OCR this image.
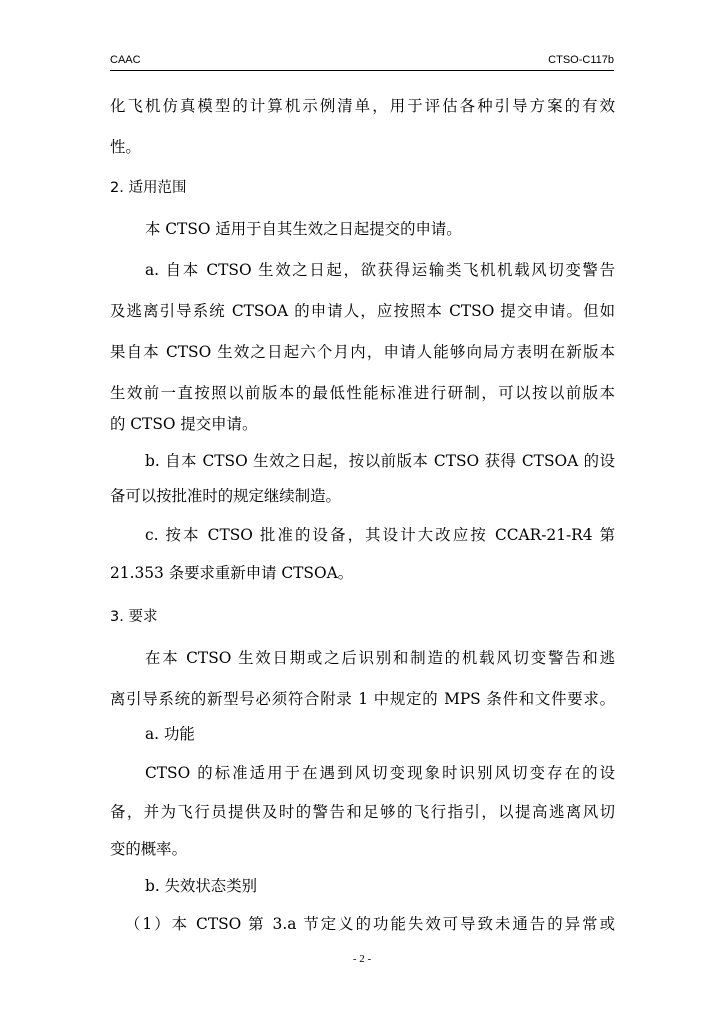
CAAC	CTSO-C117b
化飞机仿真模型的计算机示例清单，用于评估各种引导方案的有效
性。
2. 适用范围
本 CTSO 适用于自其生效之日起提交的申请。
a. 自本 CTSO 生效之日起，欲获得运输类飞机机载风切变警告
及逃离引导系统 CTSOA 的申请人，应按照本 CTSO 提交申请。但如
果自本 CTSO 生效之日起六个月内，申请人能够向局方表明在新版本
生效前一直按照以前版本的最低性能标准进行研制，可以按以前版本
的 CTSO 提交申请。
b. 自本 CTSO 生效之日起，按以前版本 CTSO 获得 CTSOA 的设
备可以按批准时的规定继续制造。
c. 按本 CTSO 批准的设备，其设计大改应按 CCAR-21-R4 第
21.353 条要求重新申请 CTSOA。
3. 要求
在本 CTSO 生效日期或之后识别和制造的机载风切变警告和逃
离引导系统的新型号必须符合附录 1 中规定的 MPS 条件和文件要求。
a. 功能
CTSO 的标准适用于在遇到风切变现象时识别风切变存在的设
备，并为飞行员提供及时的警告和足够的飞行指引，以提高逃离风切
变的概率。
b. 失效状态类别
（1）本 CTSO 第 3.a 节定义的功能失效可导致未通告的异常或
- 2 -
